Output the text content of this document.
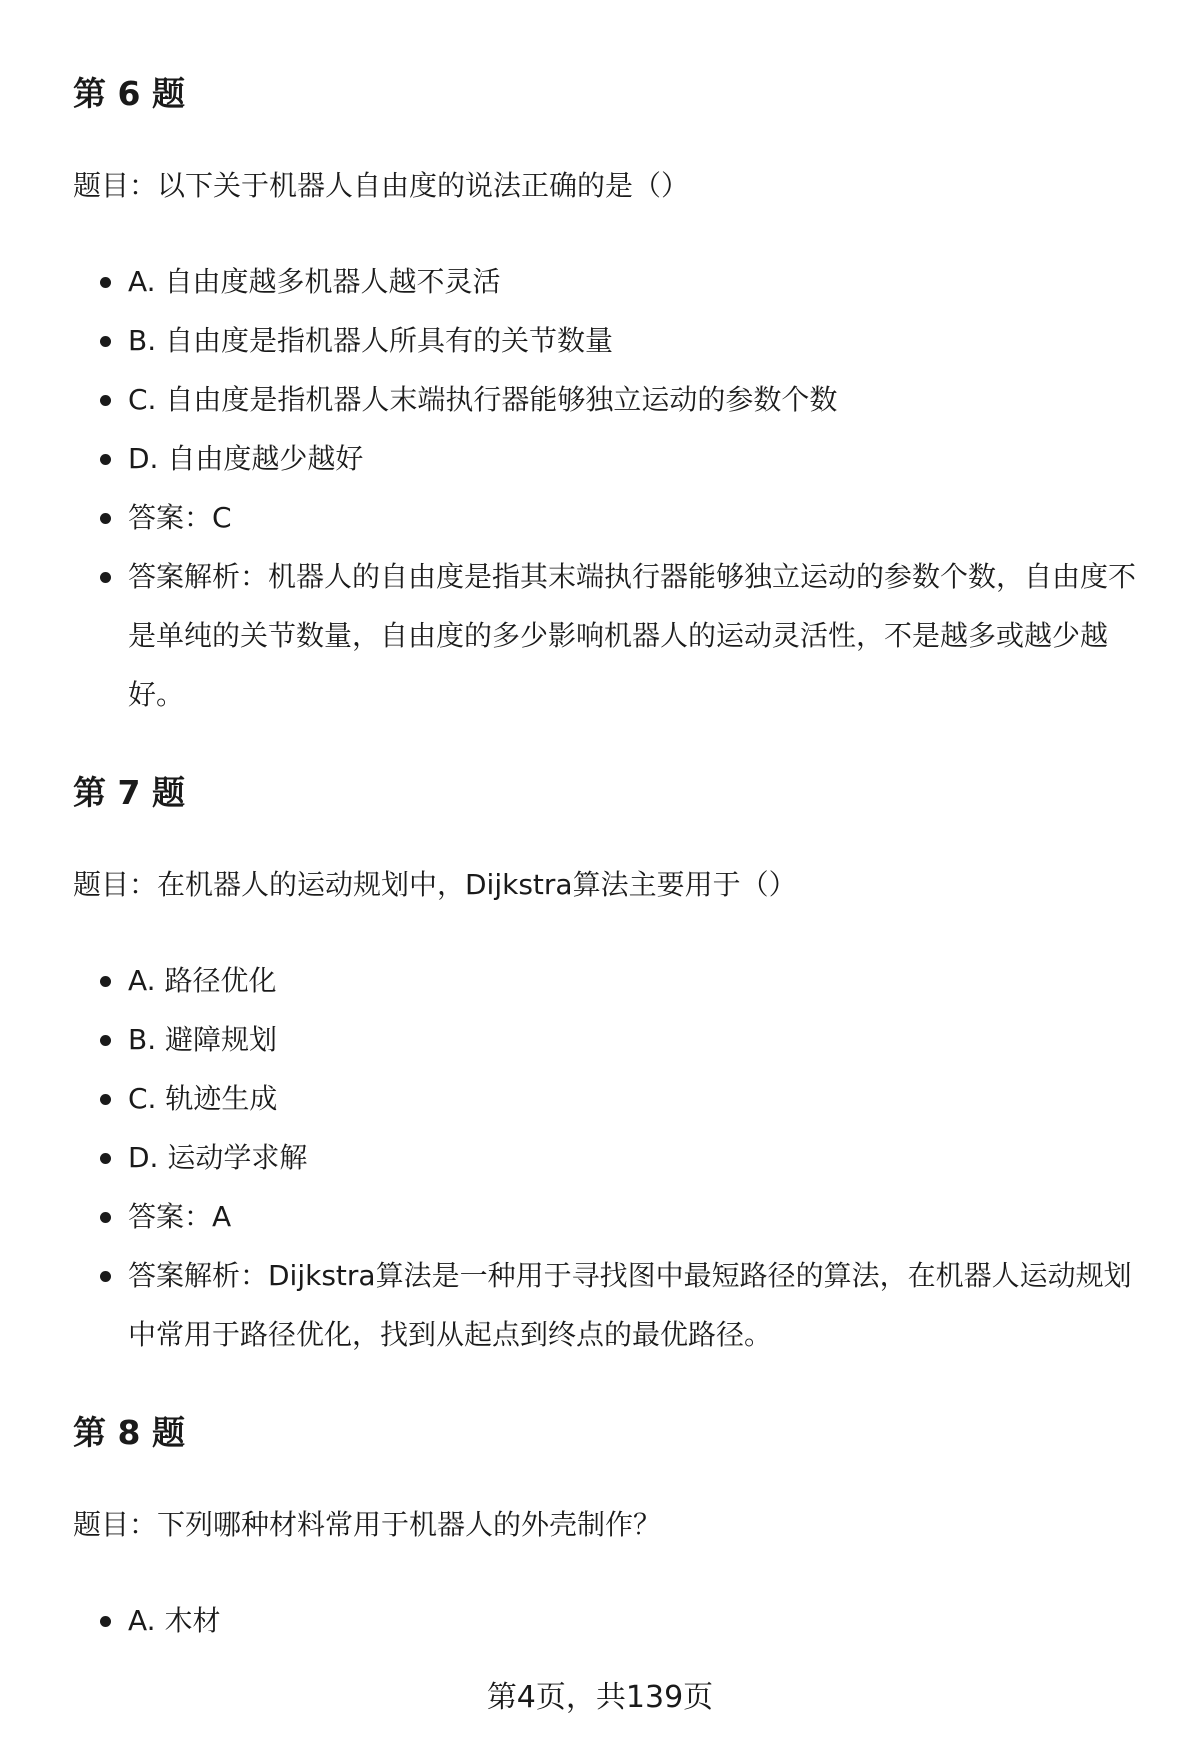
第 6 题

题目：以下关于机器人自由度的说法正确的是（）

A. 自由度越多机器人越不灵活
B. 自由度是指机器人所具有的关节数量
C. 自由度是指机器人末端执行器能够独立运动的参数个数
D. 自由度越少越好
答案：C
答案解析：机器人的自由度是指其末端执行器能够独立运动的参数个数，自由度不是单纯的关节数量，自由度的多少影响机器人的运动灵活性，不是越多或越少越好。
第 7 题

题目：在机器人的运动规划中，Dijkstra算法主要用于（）

A. 路径优化
B. 避障规划
C. 轨迹生成
D. 运动学求解
答案：A
答案解析：Dijkstra算法是一种用于寻找图中最短路径的算法，在机器人运动规划中常用于路径优化，找到从起点到终点的最优路径。
第 8 题

题目：下列哪种材料常用于机器人的外壳制作？

A. 木材
第4页，共139页
